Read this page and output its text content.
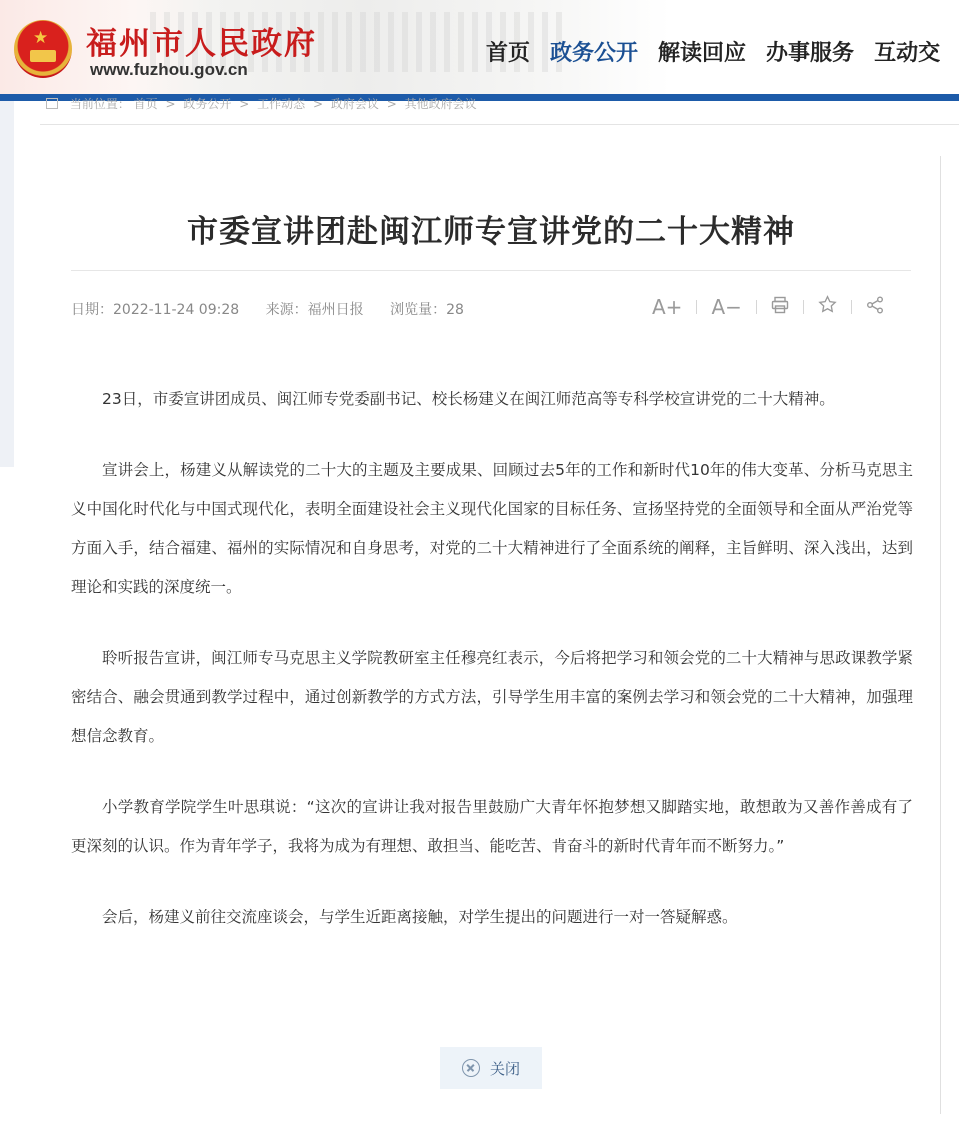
★ 福州市人民政府
www.fuzhou.gov.cn
首页 政务公开 解读回应 办事服务 互动交
当前位置： 首页 > 政务公开 > 工作动态 > 政府会议 > 其他政府会议
市委宣讲团赴闽江师专宣讲党的二十大精神
日期：2022-11-24 09:28 来源：福州日报 浏览量：28	A+ A−

23日，市委宣讲团成员、闽江师专党委副书记、校长杨建义在闽江师范高等专科学校宣讲党的二十大精神。

宣讲会上，杨建义从解读党的二十大的主题及主要成果、回顾过去5年的工作和新时代10年的伟大变革、分析马克思主义中国化时代化与中国式现代化，表明全面建设社会主义现代化国家的目标任务、宣扬坚持党的全面领导和全面从严治党等方面入手，结合福建、福州的实际情况和自身思考，对党的二十大精神进行了全面系统的阐释，主旨鲜明、深入浅出，达到理论和实践的深度统一。

聆听报告宣讲，闽江师专马克思主义学院教研室主任穆亮红表示，今后将把学习和领会党的二十大精神与思政课教学紧密结合、融会贯通到教学过程中，通过创新教学的方式方法，引导学生用丰富的案例去学习和领会党的二十大精神，加强理想信念教育。

小学教育学院学生叶思琪说：“这次的宣讲让我对报告里鼓励广大青年怀抱梦想又脚踏实地，敢想敢为又善作善成有了更深刻的认识。作为青年学子，我将为成为有理想、敢担当、能吃苦、肯奋斗的新时代青年而不断努力。”

会后，杨建义前往交流座谈会，与学生近距离接触，对学生提出的问题进行一对一答疑解惑。

关闭
